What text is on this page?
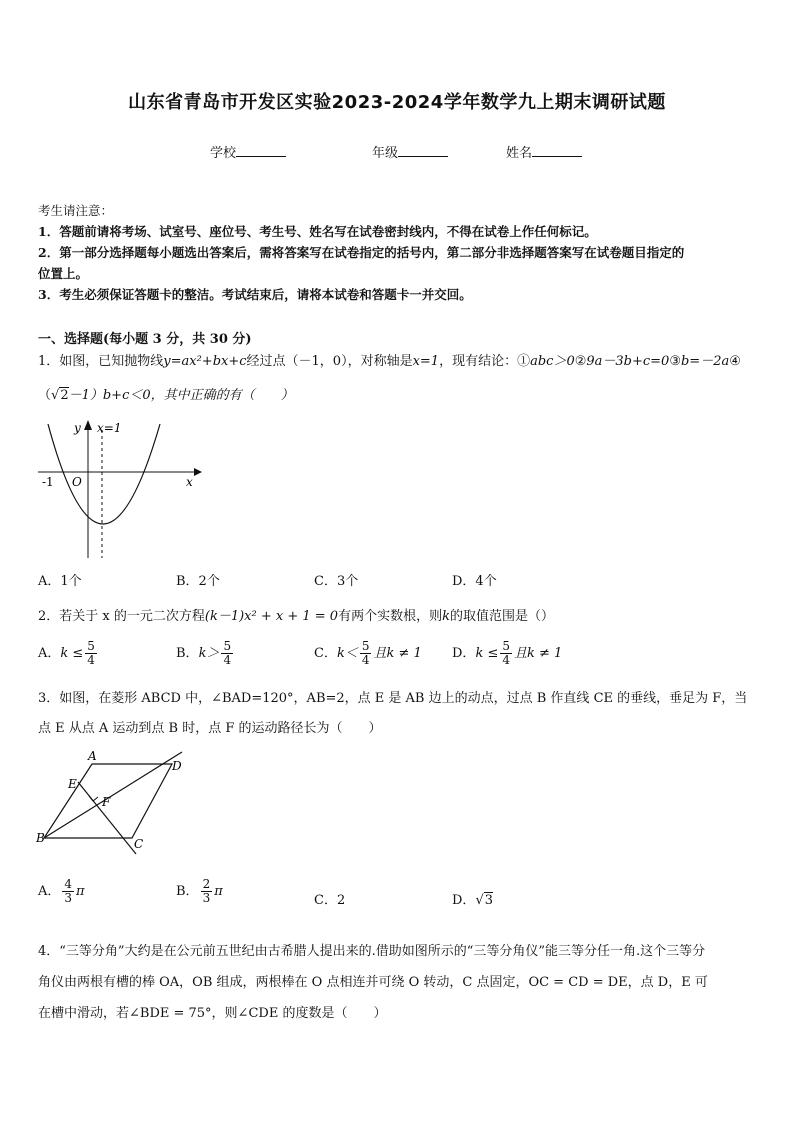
山东省青岛市开发区实验2023-2024学年数学九上期末调研试题
学校	年级	姓名
考生请注意：
1．答题前请将考场、试室号、座位号、考生号、姓名写在试卷密封线内，不得在试卷上作任何标记。
2．第一部分选择题每小题选出答案后，需将答案写在试卷指定的括号内，第二部分非选择题答案写在试卷题目指定的
位置上。
3．考生必须保证答题卡的整洁。考试结束后，请将本试卷和答题卡一并交回。
一、选择题(每小题 3 分，共 30 分)
1．如图，已知抛物线y=ax²+bx+c经过点（－1，0），对称轴是x=1，现有结论：①abc＞0②9a－3b+c=0③b=－2a④
（√2－1）b+c＜0，其中正确的有（　　）
y x=1
x
O
-1
A．1个	B．2个	C．3个	D．4个
2．若关于 x 的一元二次方程(k－1)x² + x + 1 = 0有两个实数根，则k的取值范围是（）
A．$k \le \frac{5}{4}$	B．$k> \frac{5}{4}$	C．$k< \frac{5}{4}$ 且k ≠ 1 D．$k \le \frac{5}{4}$ 且k ≠ 1
3．如图，在菱形 ABCD 中，∠BAD=120°，AB=2，点 E 是 AB 边上的动点，过点 B 作直线 CE 的垂线，垂足为 F，当
点 E 从点 A 运动到点 B 时，点 F 的运动路径长为（　　）
A
D
B	C
E
F
A． $\frac{4}{3}$ π	B． $\frac{2}{3}$ π
C．2	D．√3
4．“三等分角”大约是在公元前五世纪由古希腊人提出来的.借助如图所示的“三等分角仪”能三等分任一角.这个三等分
角仪由两根有槽的棒 OA，OB 组成，两根棒在 O 点相连并可绕 O 转动，C 点固定，OC = CD = DE，点 D，E 可
在槽中滑动，若∠BDE = 75°，则∠CDE 的度数是（　　）
